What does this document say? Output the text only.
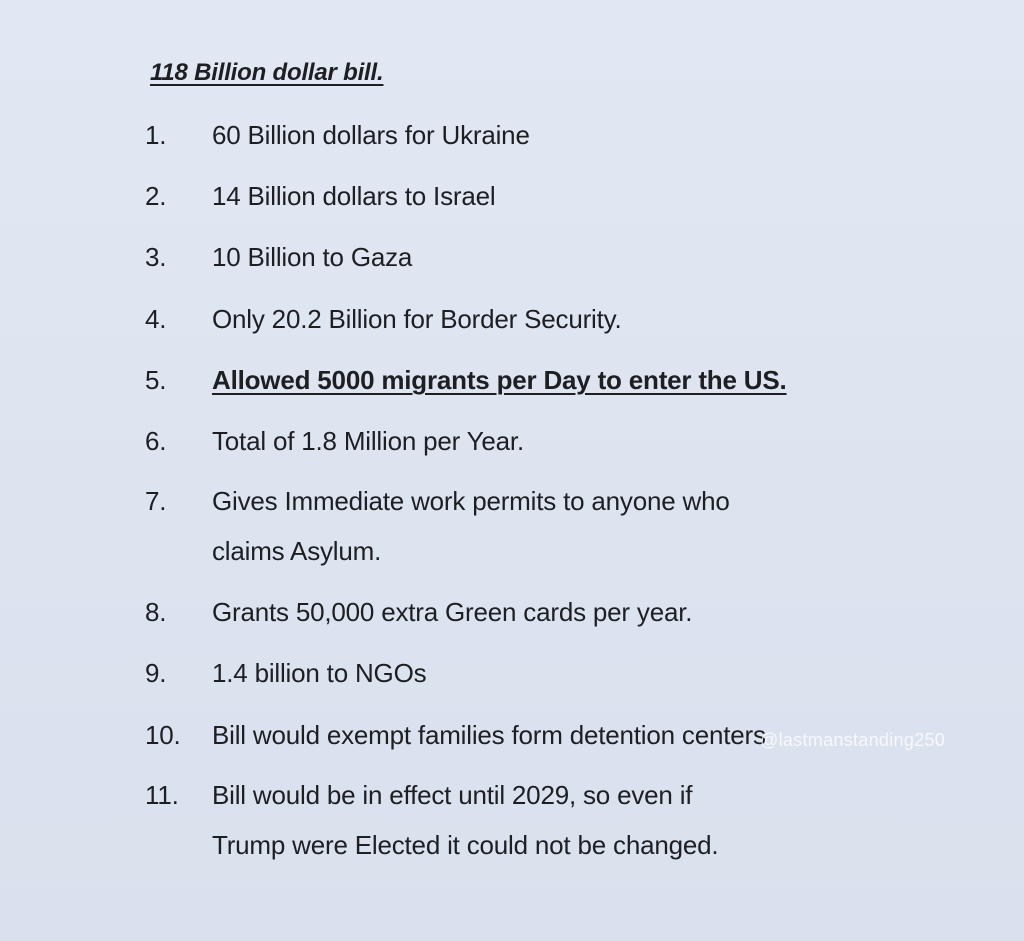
118 Billion dollar bill.
1.	60 Billion dollars for Ukraine
2.	14 Billion dollars to Israel
3.	10 Billion to Gaza
4.	Only 20.2 Billion for Border Security.
5.	Allowed 5000 migrants per Day to enter the US.
6.	Total of 1.8 Million per Year.
7.	Gives Immediate work permits to anyone who
claims Asylum.
8.	Grants 50,000 extra Green cards per year.
9.	1.4 billion to NGOs
10.	Bill would exempt families form detention centers
11.	Bill would be in effect until 2029, so even if
Trump were Elected it could not be changed.
@lastmanstanding250
